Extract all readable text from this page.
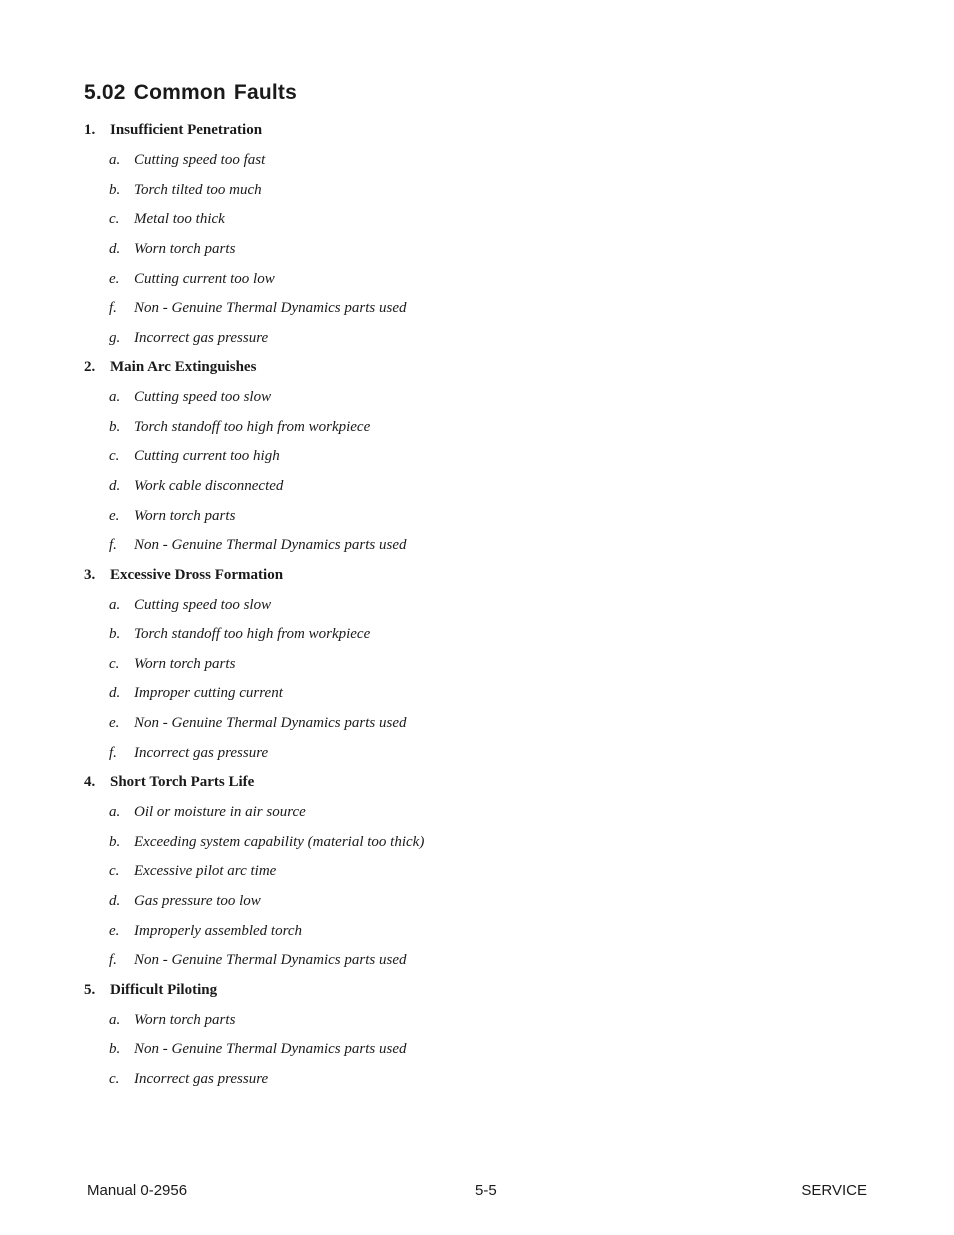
5.02 Common Faults
1. Insufficient Penetration
a. Cutting speed too fast
b. Torch tilted too much
c. Metal too thick
d. Worn torch parts
e. Cutting current too low
f.	Non - Genuine Thermal Dynamics parts used
g. Incorrect gas pressure
2. Main Arc Extinguishes
a. Cutting speed too slow
b. Torch standoff too high from workpiece
c. Cutting current too high
d. Work cable disconnected
e. Worn torch parts
f.	Non - Genuine Thermal Dynamics parts used
3. Excessive Dross Formation
a. Cutting speed too slow
b. Torch standoff too high from workpiece
c. Worn torch parts
d. Improper cutting current
e. Non - Genuine Thermal Dynamics parts used
f.	Incorrect gas pressure
4. Short Torch Parts Life
a. Oil or moisture in air source
b. Exceeding system capability (material too thick)
c. Excessive pilot arc time
d. Gas pressure too low
e. Improperly assembled torch
f.	Non - Genuine Thermal Dynamics parts used
5. Difficult Piloting
a. Worn torch parts
b. Non - Genuine Thermal Dynamics parts used
c. Incorrect gas pressure
Manual 0-2956	5-5	SERVICE
